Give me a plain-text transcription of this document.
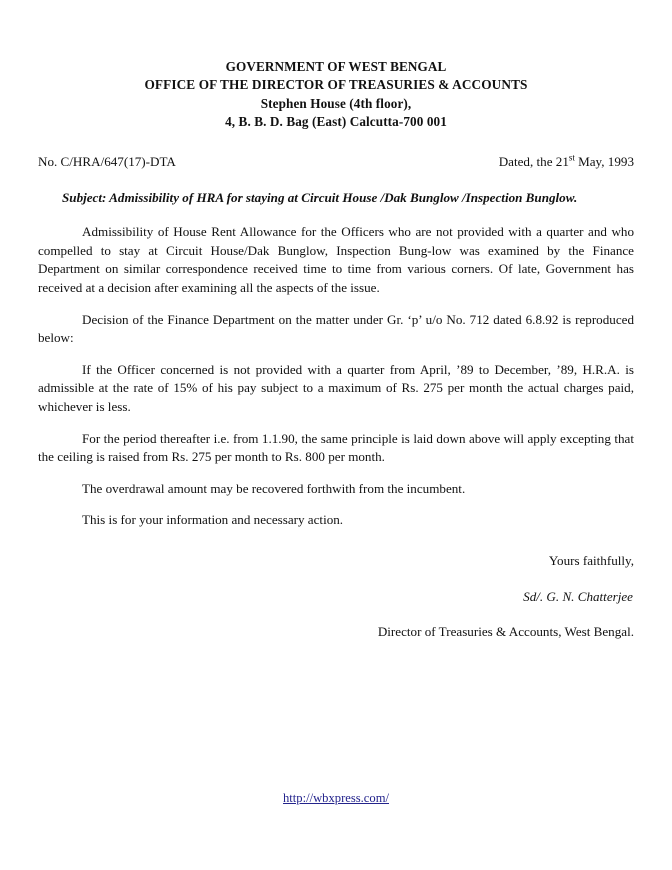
GOVERNMENT OF WEST BENGAL
OFFICE OF THE DIRECTOR OF TREASURIES & ACCOUNTS
Stephen House (4th floor),
4, B. B. D. Bag (East) Calcutta-700 001
No. C/HRA/647(17)-DTA	Dated, the 21st May, 1993
Subject: Admissibility of HRA for staying at Circuit House /Dak Bunglow /Inspection Bunglow.

Admissibility of House Rent Allowance for the Officers who are not provided with a quarter and who compelled to stay at Circuit House/Dak Bunglow, Inspection Bung-low was examined by the Finance Department on similar correspondence received time to time from various corners. Of late, Government has received at a decision after examining all the aspects of the issue.

Decision of the Finance Department on the matter under Gr. ‘p’ u/o No. 712 dated 6.8.92 is reproduced below:

If the Officer concerned is not provided with a quarter from April, ’89 to December, ’89, H.R.A. is admissible at the rate of 15% of his pay subject to a maximum of Rs. 275 per month the actual charges paid, whichever is less.

For the period thereafter i.e. from 1.1.90, the same principle is laid down above will apply excepting that the ceiling is raised from Rs. 275 per month to Rs. 800 per month.

The overdrawal amount may be recovered forthwith from the incumbent.

This is for your information and necessary action.

Yours faithfully,
Sd/. G. N. Chatterjee
Director of Treasuries & Accounts, West Bengal.
http://wbxpress.com/
